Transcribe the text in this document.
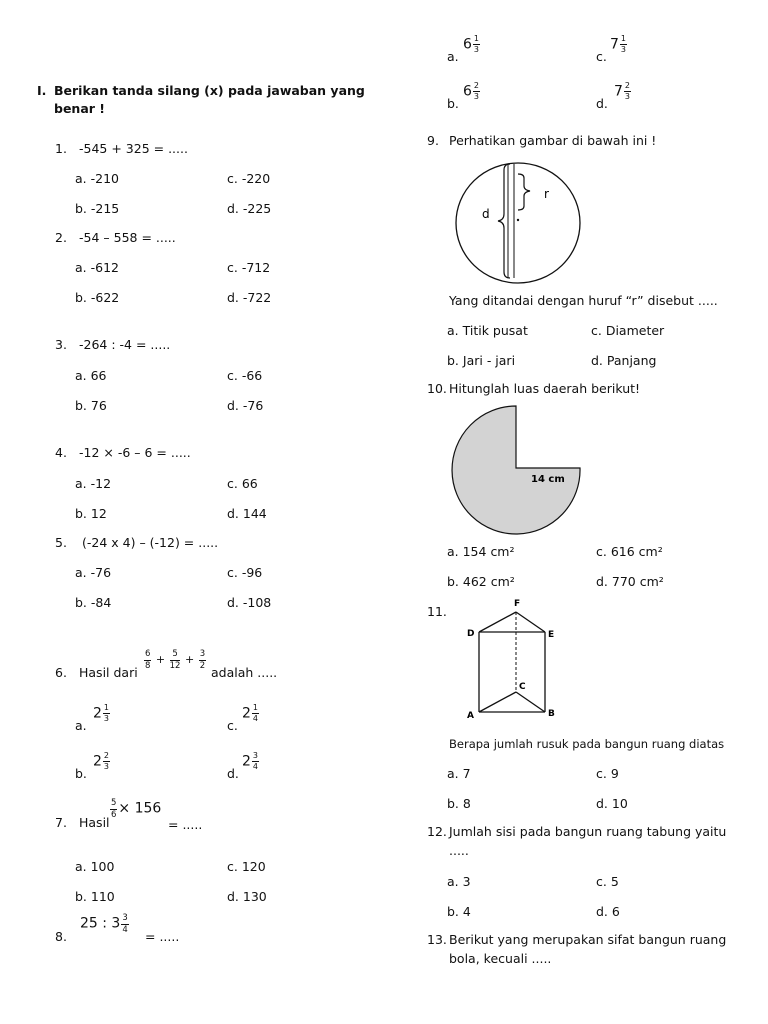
I. Berikan tanda silang (x) pada jawaban yang
benar !
1. -545 + 325 = .....
a. -210	c. -220
b. -215	d. -225
2. -54 – 558 = .....
a. -612	c. -712
b. -622	d. -722
3. -264 : -4 = .....
a. 66	c. -66
b. 76	d. -76
4. -12 × -6 – 6 = .....
a. -12	c. 66
b. 12	d. 144
5. (-24 x 4) – (-12) = .....
a. -76	c. -96
b. -84	d. -108
6. Hasil dari
$\frac{6}{8} + \frac{5}{12} + \frac{3}{2}$
adalah .....
a.
$2 \frac{1}{3}$
c.
$2 \frac{1}{4}$
b.
$2 \frac{2}{3}$
d.
$2 \frac{3}{4}$
7. Hasil
$\frac{5}{6} \times 156$
= .....
a. 100	c. 120
b. 110	d. 130
8.
25 : $3 \frac{3}{4}$
= .....
a.
$6 \frac{1}{3}$
c.
$7 \frac{1}{3}$
b.
$6 \frac{2}{3}$
d.
$7 \frac{2}{3}$
9. Perhatikan gambar di bawah ini !
d
r
Yang ditandai dengan huruf “r” disebut .....
a. Titik pusat	c. Diameter
b. Jari - jari	d. Panjang
10. Hitunglah luas daerah berikut!
14 cm
a. 154 cm²	c. 616 cm²
b. 462 cm²	d. 770 cm²
11.	F
D	E
C
A	B
Berapa jumlah rusuk pada bangun ruang diatas
a. 7	c. 9
b. 8	d. 10
12. Jumlah sisi pada bangun ruang tabung yaitu
.....
a. 3	c. 5
b. 4	d. 6
13. Berikut yang merupakan sifat bangun ruang
bola, kecuali .....
